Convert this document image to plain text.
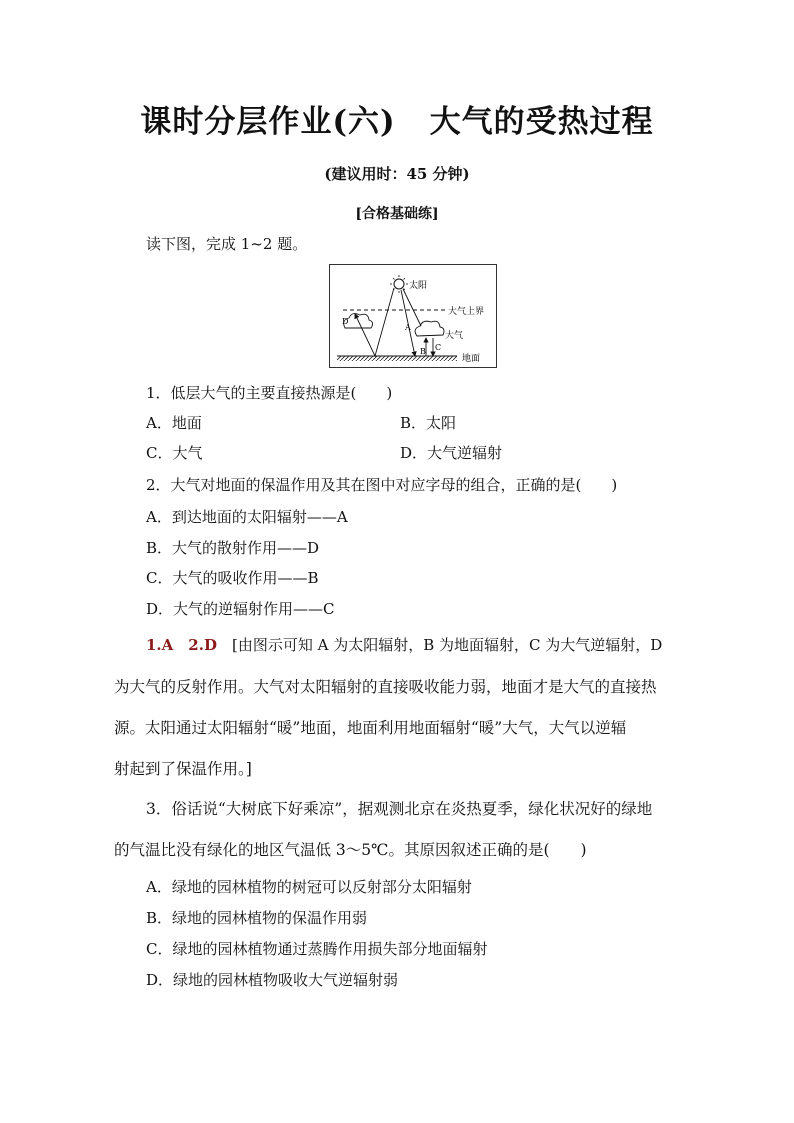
课时分层作业(六) 大气的受热过程
(建议用时：45 分钟)
[合格基础练]
读下图，完成 1~2 题。
太阳
大气上界
大气
A
B C
D
地面
1．低层大气的主要直接热源是(　　)
A．地面	B．太阳
C．大气	D．大气逆辐射
2．大气对地面的保温作用及其在图中对应字母的组合，正确的是(　　)
A．到达地面的太阳辐射——A
B．大气的散射作用——D
C．大气的吸收作用——B
D．大气的逆辐射作用——C
1.A　2.D　 [由图示可知 A 为太阳辐射，B 为地面辐射，C 为大气逆辐射，D
为大气的反射作用。大气对太阳辐射的直接吸收能力弱，地面才是大气的直接热
源。太阳通过太阳辐射“暖”地面，地面利用地面辐射“暖”大气，大气以逆辐
射起到了保温作用。]
3．俗话说“大树底下好乘凉”，据观测北京在炎热夏季，绿化状况好的绿地
的气温比没有绿化的地区气温低 3～5℃。其原因叙述正确的是(　　)
A．绿地的园林植物的树冠可以反射部分太阳辐射
B．绿地的园林植物的保温作用弱
C．绿地的园林植物通过蒸腾作用损失部分地面辐射
D．绿地的园林植物吸收大气逆辐射弱
